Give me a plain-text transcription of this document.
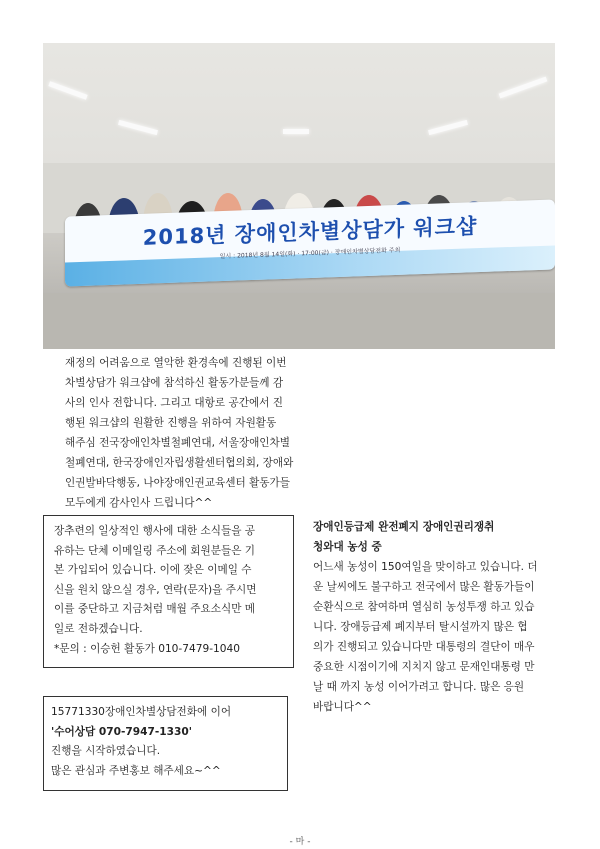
2018년 장애인차별상담가 워크샵
일시 : 2018년 8월 14일(화) · 17:00(금) · 장애인차별상담전화 주최

재정의 어려움으로 열악한 환경속에 진행된 이번

차별상담가 워크샵에 참석하신 활동가분들께 감

사의 인사 전합니다. 그리고 대항로 공간에서 진

행된 워크샵의 원활한 진행을 위하여 자원활동

해주심 전국장애인차별철폐연대, 서울장애인차별

철폐연대, 한국장애인자립생활센터협의회, 장애와

인권발바닥행동, 나야장애인권교육센터 활동가들

모두에게 감사인사 드립니다^^

장추련의 일상적인 행사에 대한 소식들을 공
유하는 단체 이메일링 주소에 회원분들은 기
본 가입되어 있습니다. 이에 잦은 이메일 수
신을 원치 않으실 경우, 연락(문자)을 주시면
이를 중단하고 지금처럼 매월 주요소식만 메
일로 전하겠습니다.
*문의 : 이승헌 활동가 010-7479-1040
15771330장애인차별상담전화에 이어
'수어상담 070-7947-1330'
진행을 시작하였습니다.
많은 관심과 주변홍보 해주세요~^^

장애인등급제 완전폐지 장애인권리쟁취

청와대 농성 중

어느새 농성이 150여일을 맞이하고 있습니다. 더

운 날씨에도 불구하고 전국에서 많은 활동가들이

순환식으로 참여하며 열심히 농성투쟁 하고 있습

니다. 장애등급제 폐지부터 탈시설까지 많은 협

의가 진행되고 있습니다만 대통령의 결단이 매우

중요한 시점이기에 지치지 않고 문재인대통령 만

날 때 까지 농성 이어가려고 합니다. 많은 응원

바랍니다^^

- 마 -
